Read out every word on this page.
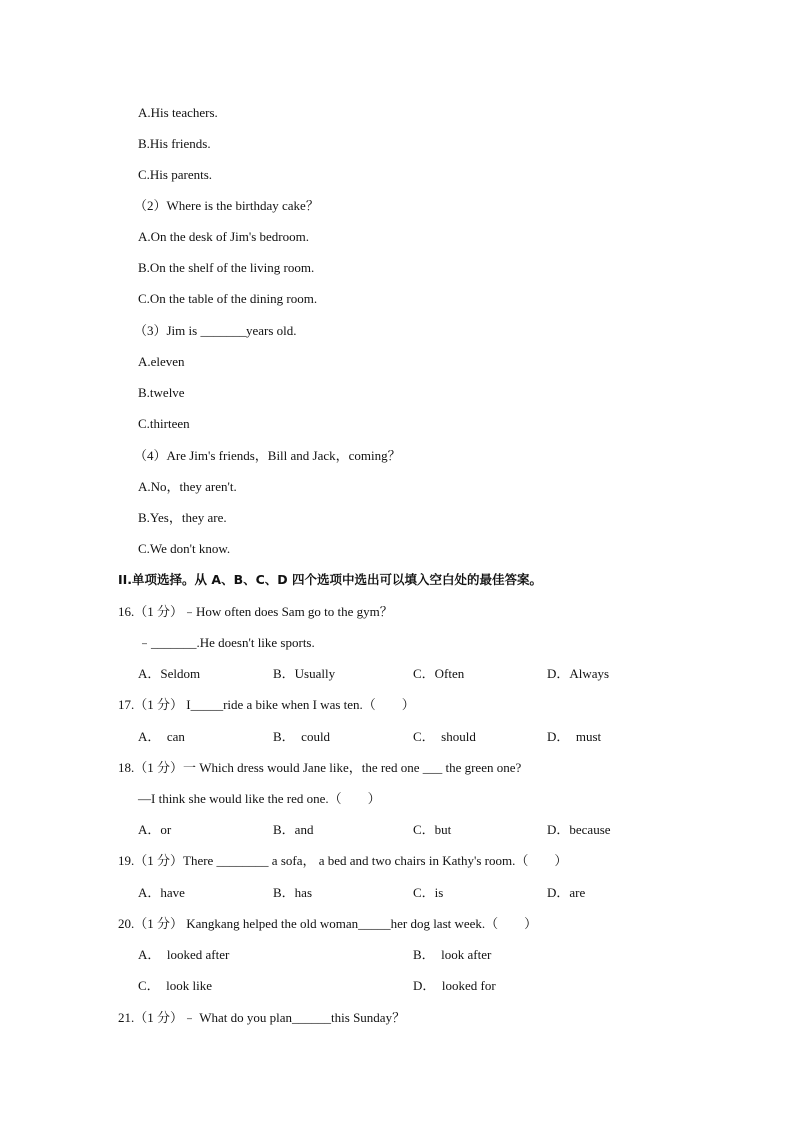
A.His teachers.
B.His friends.
C.His parents.
（2）Where is the birthday cake？
A.On the desk of Jim's bedroom.
B.On the shelf of the living room.
C.On the table of the dining room.
（3）Jim is _______years old.
A.eleven
B.twelve
C.thirteen
（4）Are Jim's friends，Bill and Jack，coming？
A.No，they aren't.
B.Yes，they are.
C.We don't know.
II.单项选择。从 A、B、C、D 四个选项中选出可以填入空白处的最佳答案。
16.（1 分）﹣How often does Sam go to the gym？
﹣_______.He doesn't like sports.
A．Seldom	B．Usually	C．Often	D．Always
17.（1 分） I_____ride a bike when I was ten.（　　）
A．  can	B．  could	C．  should	D．  must
18.（1 分）一 Which dress would Jane like，the red one ___ the green one?
—I think she would like the red one.（　　）
A．or	B．and	C．but	D．because
19.（1 分）There ________ a sofa， a bed and two chairs in Kathy's room.（　　）
A．have	B．has	C．is	D．are
20.（1 分） Kangkang helped the old woman_____her dog last week.（　　）
A．  looked after	B．  look after
C．  look like	D．  looked for
21.（1 分）﹣ What do you plan______this Sunday？
